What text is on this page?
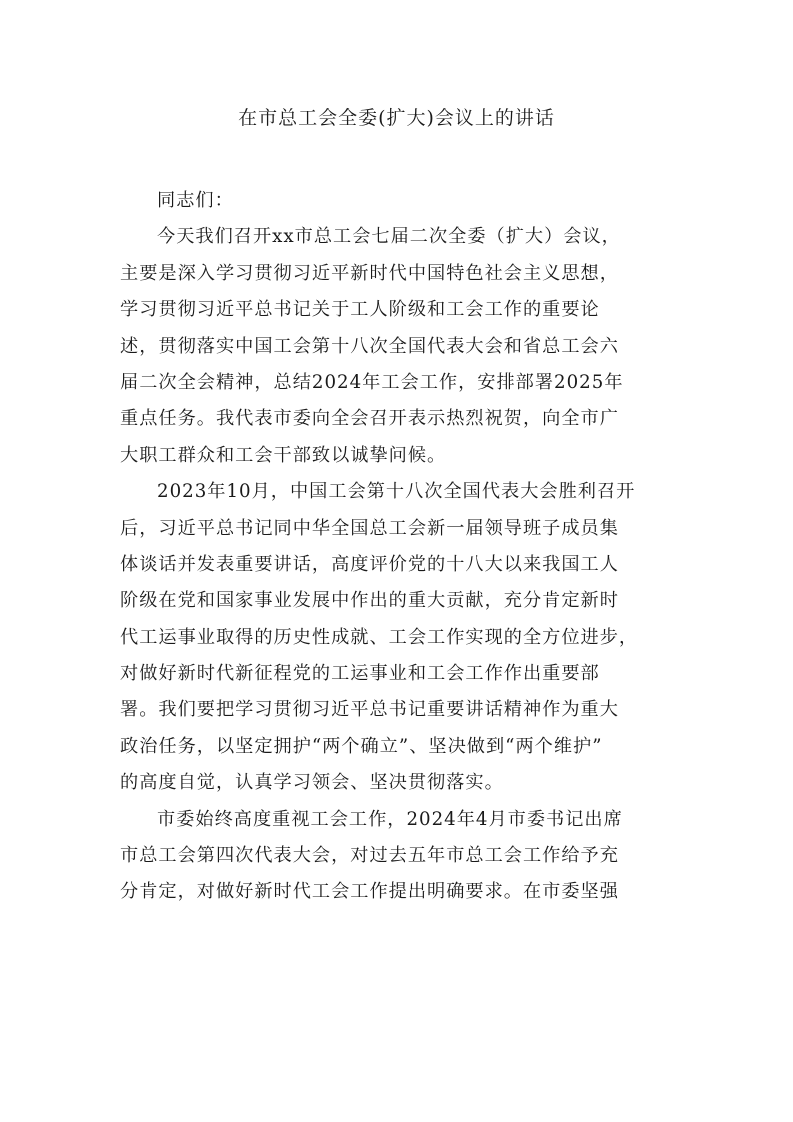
在市总工会全委(扩大)会议上的讲话
同志们：
今天我们召开xx市总工会七届二次全委（扩大）会议，
主要是深入学习贯彻习近平新时代中国特色社会主义思想，
学习贯彻习近平总书记关于工人阶级和工会工作的重要论
述，贯彻落实中国工会第十八次全国代表大会和省总工会六
届二次全会精神，总结2024年工会工作，安排部署2025年
重点任务。我代表市委向全会召开表示热烈祝贺，向全市广
大职工群众和工会干部致以诚挚问候。
2023年10月，中国工会第十八次全国代表大会胜利召开
后，习近平总书记同中华全国总工会新一届领导班子成员集
体谈话并发表重要讲话，高度评价党的十八大以来我国工人
阶级在党和国家事业发展中作出的重大贡献，充分肯定新时
代工运事业取得的历史性成就、工会工作实现的全方位进步，
对做好新时代新征程党的工运事业和工会工作作出重要部
署。我们要把学习贯彻习近平总书记重要讲话精神作为重大
政治任务，以坚定拥护“两个确立”、坚决做到“两个维护”
的高度自觉，认真学习领会、坚决贯彻落实。
市委始终高度重视工会工作，2024年4月市委书记出席
市总工会第四次代表大会，对过去五年市总工会工作给予充
分肯定，对做好新时代工会工作提出明确要求。在市委坚强
